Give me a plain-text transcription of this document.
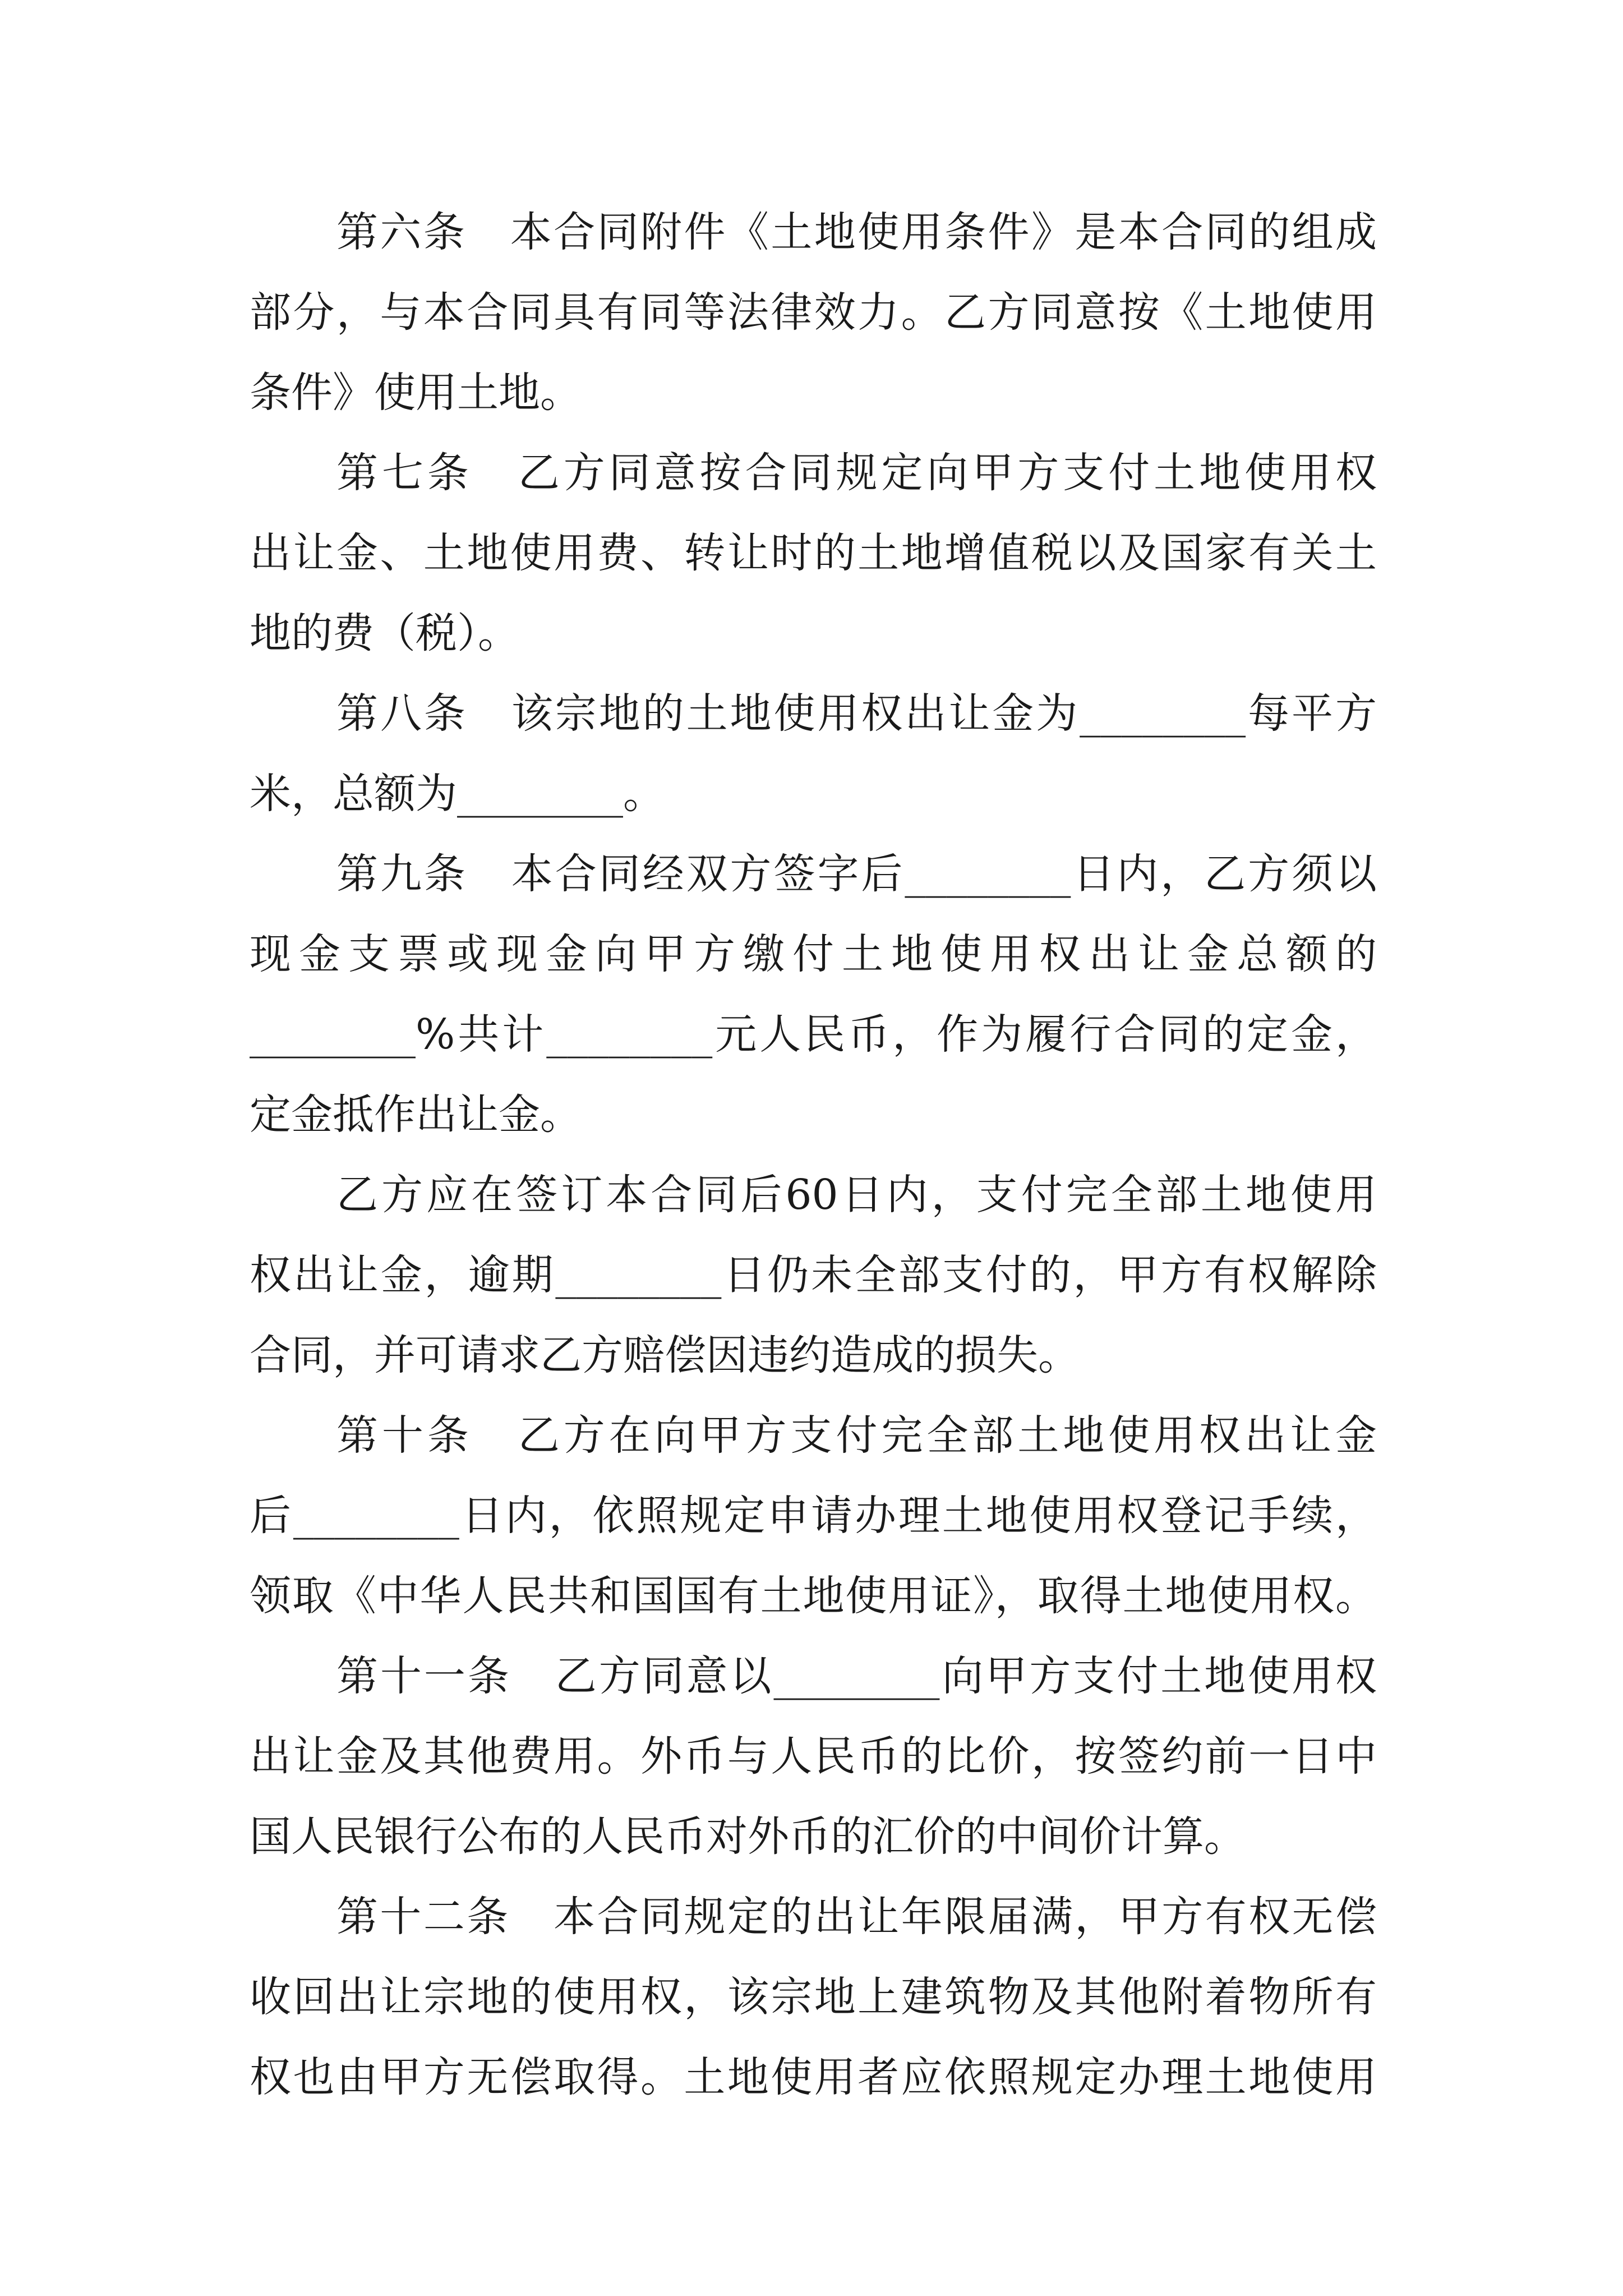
第六条　本合同附件《土地使用条件》是本合同的组成
部分，与本合同具有同等法律效力。乙方同意按《土地使用
条件》使用土地。
第七条　乙方同意按合同规定向甲方支付土地使用权
出让金、土地使用费、转让时的土地增值税以及国家有关土
地的费（税）。
第八条　该宗地的土地使用权出让金为________每平方
米，总额为________。
第九条　本合同经双方签字后________日内，乙方须以
现金支票或现金向甲方缴付土地使用权出让金总额的
________%共计________元人民币，作为履行合同的定金，
定金抵作出让金。
乙方应在签订本合同后60日内，支付完全部土地使用
权出让金，逾期________日仍未全部支付的，甲方有权解除
合同，并可请求乙方赔偿因违约造成的损失。
第十条　乙方在向甲方支付完全部土地使用权出让金
后________日内，依照规定申请办理土地使用权登记手续，
领取《中华人民共和国国有土地使用证》，取得土地使用权。
第十一条　乙方同意以________向甲方支付土地使用权
出让金及其他费用。外币与人民币的比价，按签约前一日中
国人民银行公布的人民币对外币的汇价的中间价计算。
第十二条　本合同规定的出让年限届满，甲方有权无偿
收回出让宗地的使用权，该宗地上建筑物及其他附着物所有
权也由甲方无偿取得。土地使用者应依照规定办理土地使用
